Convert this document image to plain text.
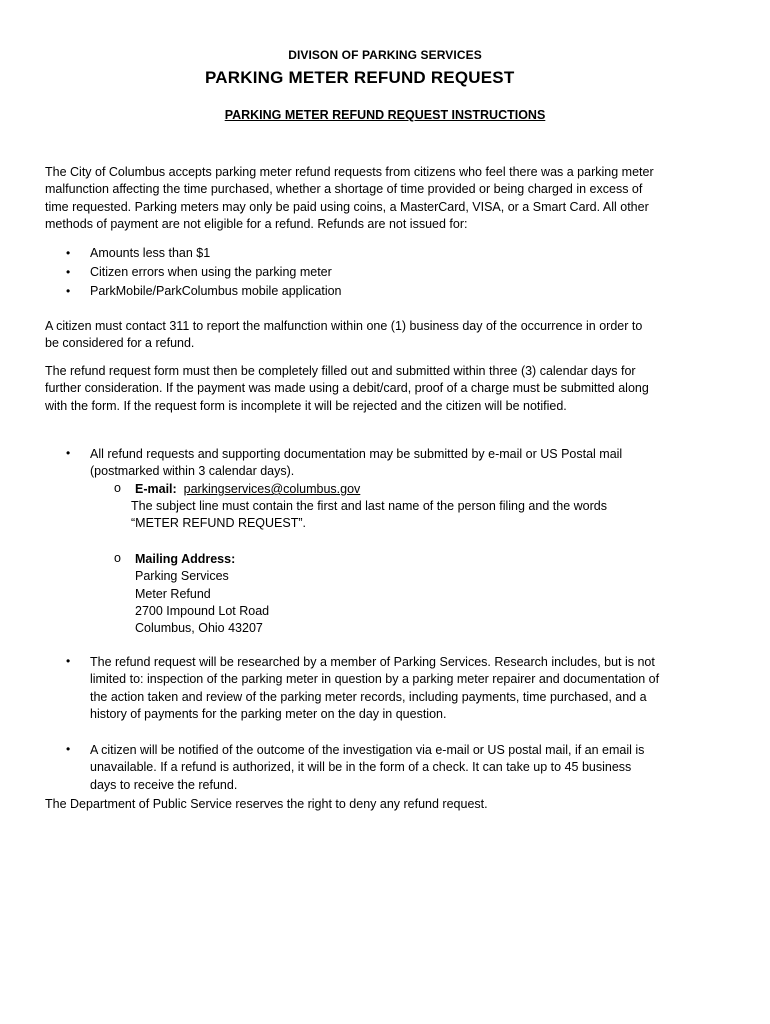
DIVISON OF PARKING SERVICES
PARKING METER REFUND REQUEST
PARKING METER REFUND REQUEST INSTRUCTIONS
The City of Columbus accepts parking meter refund requests from citizens who feel there was a parking meter
malfunction affecting the time purchased, whether a shortage of time provided or being charged in excess of
time requested. Parking meters may only be paid using coins, a MasterCard, VISA, or a Smart Card. All other
methods of payment are not eligible for a refund. Refunds are not issued for:
• Amounts less than $1
• Citizen errors when using the parking meter
• ParkMobile/ParkColumbus mobile application
A citizen must contact 311 to report the malfunction within one (1) business day of the occurrence in order to
be considered for a refund.
The refund request form must then be completely filled out and submitted within three (3) calendar days for
further consideration. If the payment was made using a debit/card, proof of a charge must be submitted along
with the form. If the request form is incomplete it will be rejected and the citizen will be notified.
• All refund requests and supporting documentation may be submitted by e-mail or US Postal mail
(postmarked within 3 calendar days).
o E-mail: parkingservices@columbus.gov
The subject line must contain the first and last name of the person filing and the words
“METER REFUND REQUEST”.
o Mailing Address:
Parking Services
Meter Refund
2700 Impound Lot Road
Columbus, Ohio 43207
• The refund request will be researched by a member of Parking Services. Research includes, but is not
limited to: inspection of the parking meter in question by a parking meter repairer and documentation of
the action taken and review of the parking meter records, including payments, time purchased, and a
history of payments for the parking meter on the day in question.
• A citizen will be notified of the outcome of the investigation via e-mail or US postal mail, if an email is
unavailable. If a refund is authorized, it will be in the form of a check. It can take up to 45 business
days to receive the refund.
The Department of Public Service reserves the right to deny any refund request.
